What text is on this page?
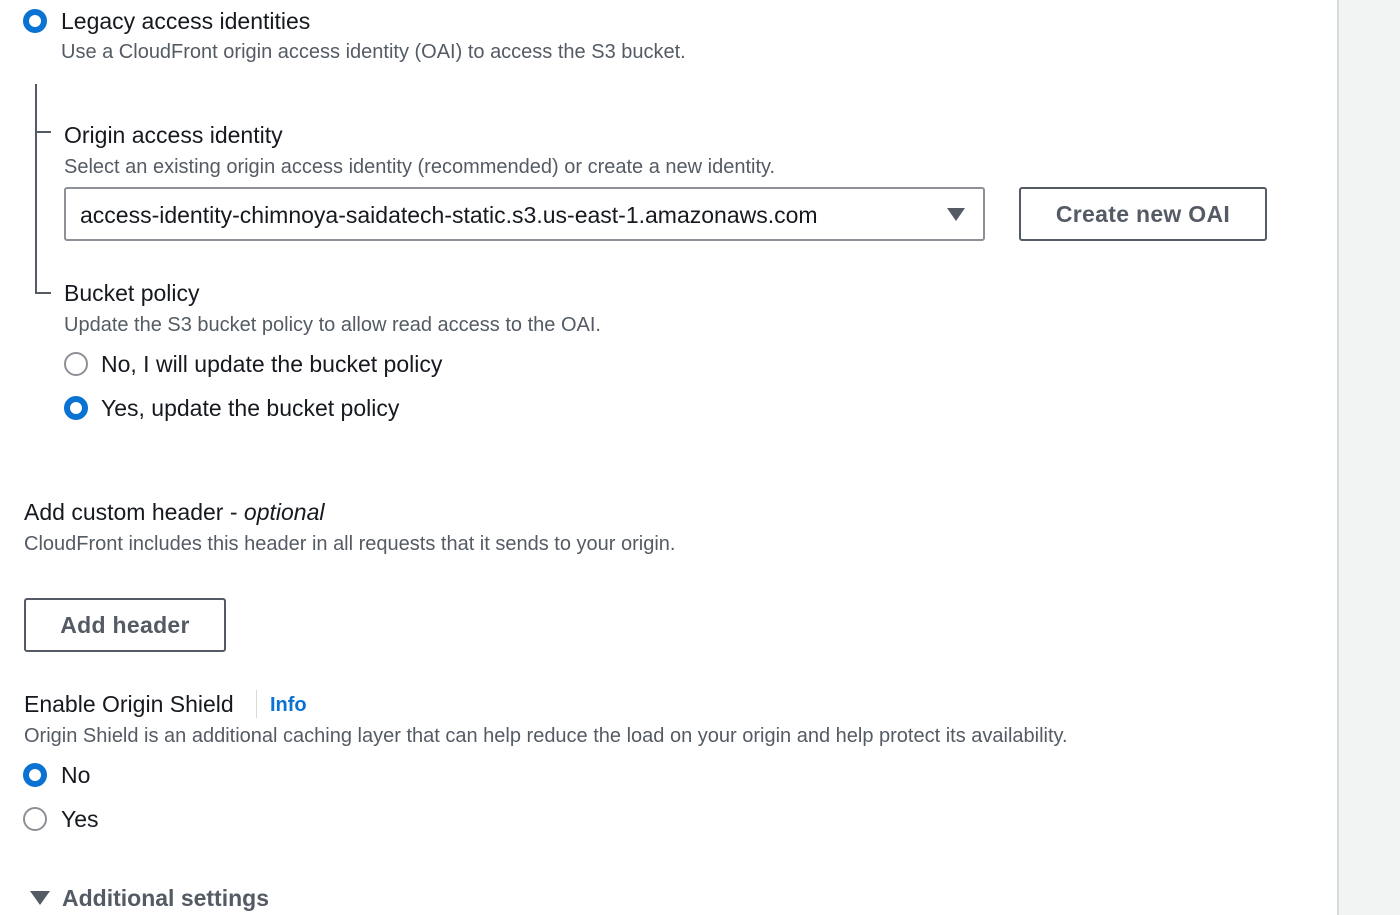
Legacy access identities
Use a CloudFront origin access identity (OAI) to access the S3 bucket.
Origin access identity
Select an existing origin access identity (recommended) or create a new identity.
access-identity-chimnoya-saidatech-static.s3.us-east-1.amazonaws.com	Create new OAI
Bucket policy
Update the S3 bucket policy to allow read access to the OAI.
No, I will update the bucket policy
Yes, update the bucket policy
Add custom header - optional
CloudFront includes this header in all requests that it sends to your origin.
Add header
Enable Origin Shield Info
Origin Shield is an additional caching layer that can help reduce the load on your origin and help protect its availability.
No
Yes
Additional settings
